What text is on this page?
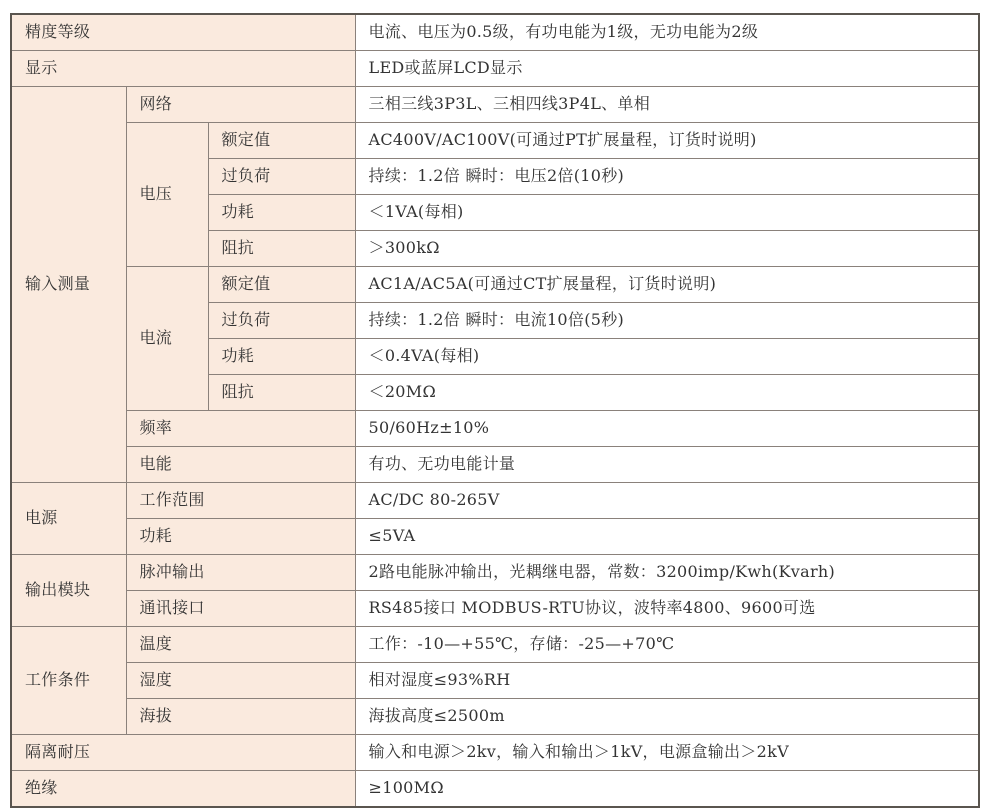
精度等级			电流、电压为0.5级，有功电能为1级，无功电能为2级
显示			LED或蓝屏LCD显示
输入测量	网络		三相三线3P3L、三相四线3P4L、单相
	电压	额定值	AC400V/AC100V(可通过PT扩展量程，订货时说明)
		过负荷	持续：1.2倍 瞬时：电压2倍(10秒)
		功耗	＜1VA(每相)
		阻抗	＞300kΩ
	电流	额定值	AC1A/AC5A(可通过CT扩展量程，订货时说明)
		过负荷	持续：1.2倍 瞬时：电流10倍(5秒)
		功耗	＜0.4VA(每相)
		阻抗	＜20MΩ
	频率		50/60Hz±10%
	电能		有功、无功电能计量
电源	工作范围		AC/DC 80-265V
	功耗		≤5VA
输出模块	脉冲输出		2路电能脉冲输出，光耦继电器，常数：3200imp/Kwh(Kvarh)
	通讯接口		RS485接口 MODBUS-RTU协议，波特率4800、9600可选
工作条件	温度		工作：-10—+55℃，存储：-25—+70℃
	湿度		相对湿度≤93%RH
	海拔		海拔高度≤2500m
隔离耐压			输入和电源＞2kv，输入和输出＞1kV，电源盒输出＞2kV
绝缘			≥100MΩ
